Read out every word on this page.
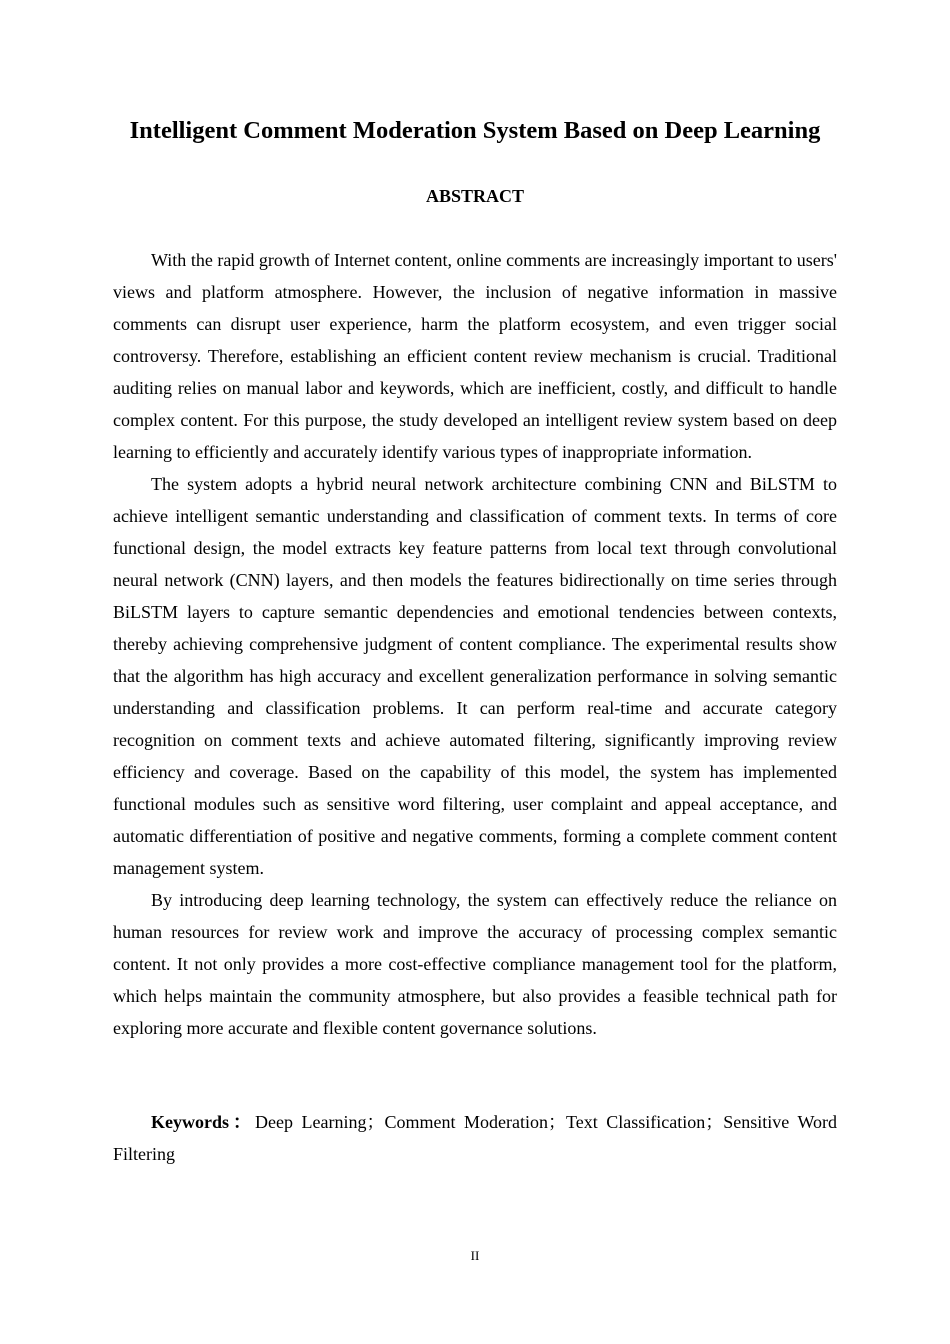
Intelligent Comment Moderation System Based on Deep Learning
ABSTRACT

With the rapid growth of Internet content, online comments are increasingly important to users' views and platform atmosphere. However, the inclusion of negative information in massive comments can disrupt user experience, harm the platform ecosystem, and even trigger social controversy. Therefore, establishing an efficient content review mechanism is crucial. Traditional auditing relies on manual labor and keywords, which are inefficient, costly, and difficult to handle complex content. For this purpose, the study developed an intelligent review system based on deep learning to efficiently and accurately identify various types of inappropriate information.

The system adopts a hybrid neural network architecture combining CNN and BiLSTM to achieve intelligent semantic understanding and classification of comment texts. In terms of core functional design, the model extracts key feature patterns from local text through convolutional neural network (CNN) layers, and then models the features bidirectionally on time series through BiLSTM layers to capture semantic dependencies and emotional tendencies between contexts, thereby achieving comprehensive judgment of content compliance. The experimental results show that the algorithm has high accuracy and excellent generalization performance in solving semantic understanding and classification problems. It can perform real-time and accurate category recognition on comment texts and achieve automated filtering, significantly improving review efficiency and coverage. Based on the capability of this model, the system has implemented functional modules such as sensitive word filtering, user complaint and appeal acceptance, and automatic differentiation of positive and negative comments, forming a complete comment content management system.

By introducing deep learning technology, the system can effectively reduce the reliance on human resources for review work and improve the accuracy of processing complex semantic content. It not only provides a more cost-effective compliance management tool for the platform, which helps maintain the community atmosphere, but also provides a feasible technical path for exploring more accurate and flexible content governance solutions.

Keywords：Deep Learning；Comment Moderation；Text Classification；Sensitive Word Filtering

II
